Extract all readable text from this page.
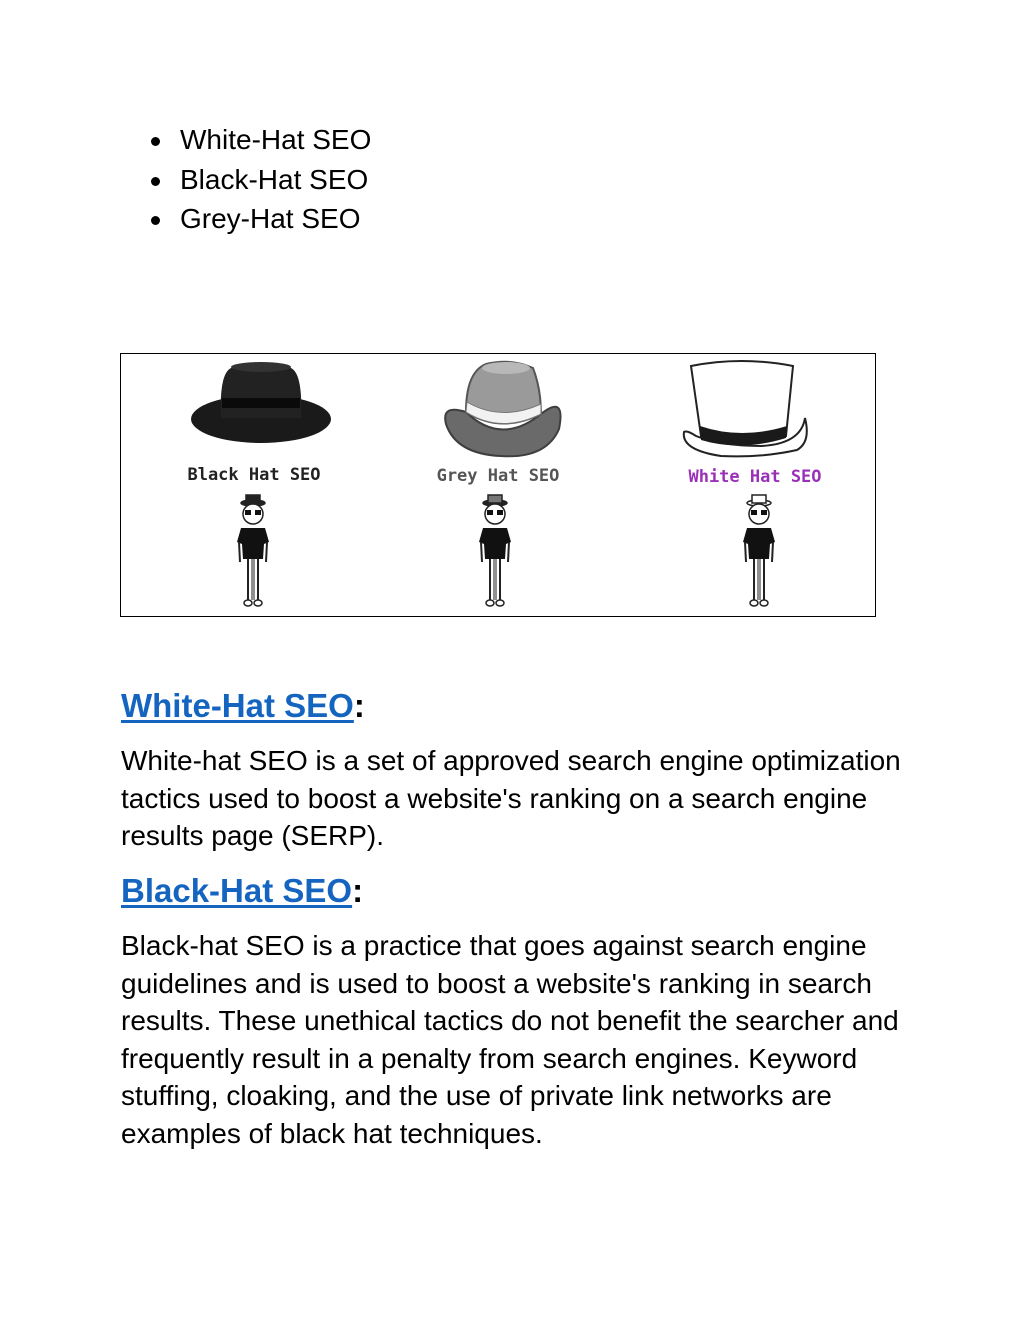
White-Hat SEO
Black-Hat SEO
Grey-Hat SEO
Black Hat SEO	Grey Hat SEO	White Hat SEO
White-Hat SEO:

White-hat SEO is a set of approved search engine optimization tactics used to boost a website's ranking on a search engine results page (SERP).

Black-Hat SEO:

Black-hat SEO is a practice that goes against search engine guidelines and is used to boost a website's ranking in search results. These unethical tactics do not benefit the searcher and frequently result in a penalty from search engines. Keyword stuffing, cloaking, and the use of private link networks are examples of black hat techniques.
